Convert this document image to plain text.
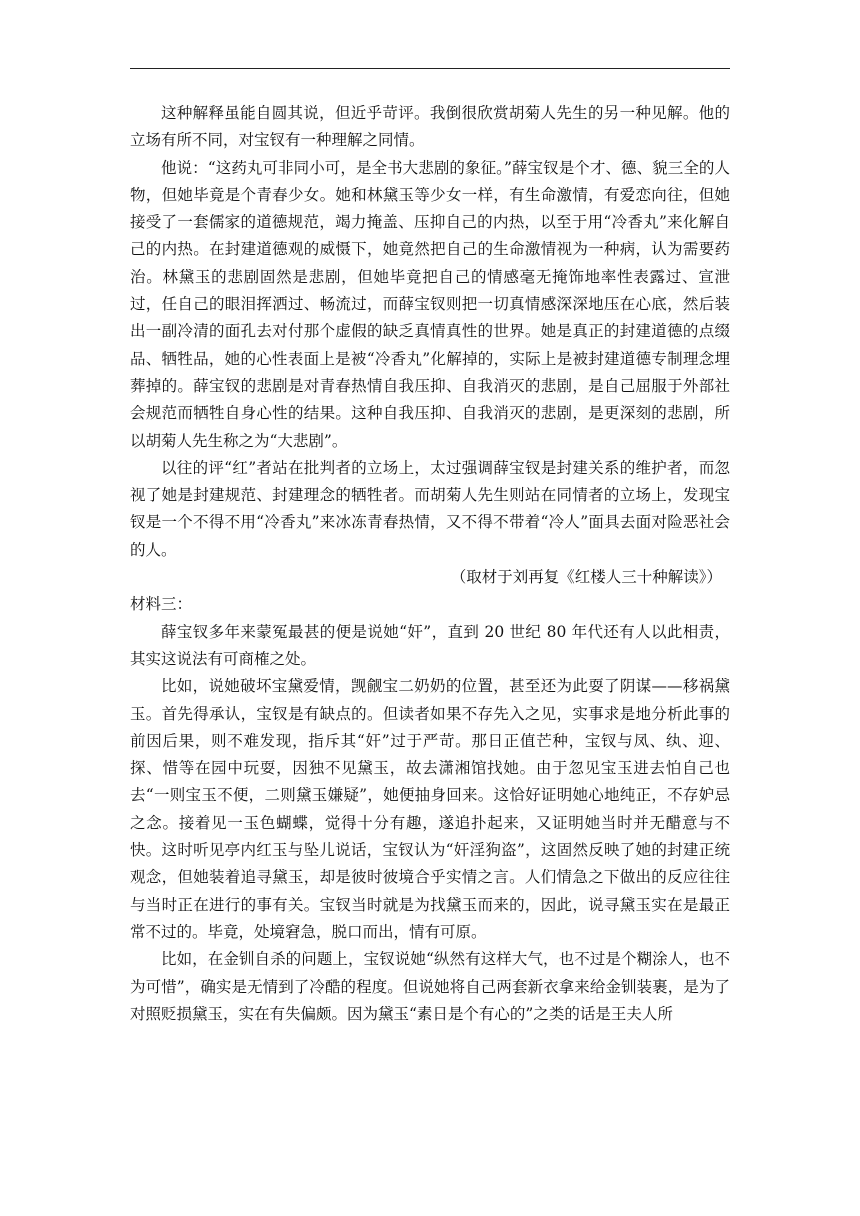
这种解释虽能自圆其说，但近乎苛评。我倒很欣赏胡菊人先生的另一种见解。他的立场有所不同，对宝钗有一种理解之同情。

他说：“这药丸可非同小可，是全书大悲剧的象征。”薛宝钗是个才、德、貌三全的人物，但她毕竟是个青春少女。她和林黛玉等少女一样，有生命激情，有爱恋向往，但她接受了一套儒家的道德规范，竭力掩盖、压抑自己的内热，以至于用“冷香丸”来化解自己的内热。在封建道德观的威慑下，她竟然把自己的生命激情视为一种病，认为需要药治。林黛玉的悲剧固然是悲剧，但她毕竟把自己的情感毫无掩饰地率性表露过、宣泄过，任自己的眼泪挥洒过、畅流过，而薛宝钗则把一切真情感深深地压在心底，然后装出一副冷清的面孔去对付那个虚假的缺乏真情真性的世界。她是真正的封建道德的点缀品、牺牲品，她的心性表面上是被“冷香丸”化解掉的，实际上是被封建道德专制理念埋葬掉的。薛宝钗的悲剧是对青春热情自我压抑、自我消灭的悲剧，是自己屈服于外部社会规范而牺牲自身心性的结果。这种自我压抑、自我消灭的悲剧，是更深刻的悲剧，所以胡菊人先生称之为“大悲剧”。

以往的评“红”者站在批判者的立场上，太过强调薛宝钗是封建关系的维护者，而忽视了她是封建规范、封建理念的牺牲者。而胡菊人先生则站在同情者的立场上，发现宝钗是一个不得不用“冷香丸”来冰冻青春热情，又不得不带着“冷人”面具去面对险恶社会的人。

（取材于刘再复《红楼人三十种解读》）

材料三：

薛宝钗多年来蒙冤最甚的便是说她“奸”，直到 20 世纪 80 年代还有人以此相责，其实这说法有可商榷之处。

比如，说她破坏宝黛爱情，觊觎宝二奶奶的位置，甚至还为此耍了阴谋——移祸黛玉。首先得承认，宝钗是有缺点的。但读者如果不存先入之见，实事求是地分析此事的前因后果，则不难发现，指斥其“奸”过于严苛。那日正值芒种，宝钗与凤、纨、迎、探、惜等在园中玩耍，因独不见黛玉，故去潇湘馆找她。由于忽见宝玉进去怕自己也去“一则宝玉不便，二则黛玉嫌疑”，她便抽身回来。这恰好证明她心地纯正，不存妒忌之念。接着见一玉色蝴蝶，觉得十分有趣，遂追扑起来，又证明她当时并无醋意与不快。这时听见亭内红玉与坠儿说话，宝钗认为“奸淫狗盗”，这固然反映了她的封建正统观念，但她装着追寻黛玉，却是彼时彼境合乎实情之言。人们情急之下做出的反应往往与当时正在进行的事有关。宝钗当时就是为找黛玉而来的，因此，说寻黛玉实在是最正常不过的。毕竟，处境窘急，脱口而出，情有可原。

比如，在金钏自杀的问题上，宝钗说她“纵然有这样大气，也不过是个糊涂人，也不为可惜”，确实是无情到了冷酷的程度。但说她将自己两套新衣拿来给金钏装裹，是为了对照贬损黛玉，实在有失偏颇。因为黛玉“素日是个有心的”之类的话是王夫人所
